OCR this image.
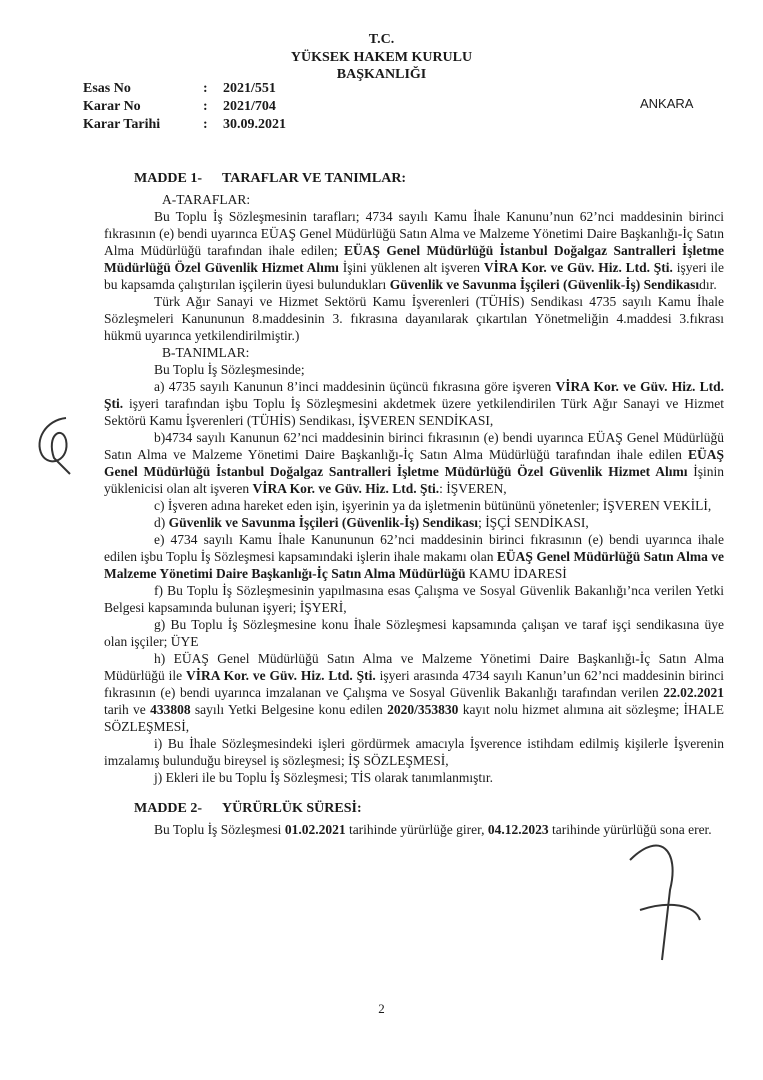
T.C.
YÜKSEK HAKEM KURULU
BAŞKANLIĞI
Esas No	:	2021/551
Karar No	:	2021/704
Karar Tarihi	:	30.09.2021
ANKARA
MADDE 1- TARAFLAR VE TANIMLAR:
A-TARAFLAR:

Bu Toplu İş Sözleşmesinin tarafları; 4734 sayılı Kamu İhale Kanunu’nun 62’nci maddesinin birinci fıkrasının (e) bendi uyarınca EÜAŞ Genel Müdürlüğü Satın Alma ve Malzeme Yönetimi Daire Başkanlığı-İç Satın Alma Müdürlüğü tarafından ihale edilen; EÜAŞ Genel Müdürlüğü İstanbul Doğalgaz Santralleri İşletme Müdürlüğü Özel Güvenlik Hizmet Alımı İşini yüklenen alt işveren VİRA Kor. ve Güv. Hiz. Ltd. Şti. işyeri ile bu kapsamda çalıştırılan işçilerin üyesi bulundukları Güvenlik ve Savunma İşçileri (Güvenlik-İş) Sendikasıdır.

Türk Ağır Sanayi ve Hizmet Sektörü Kamu İşverenleri (TÜHİS) Sendikası 4735 sayılı Kamu İhale Sözleşmeleri Kanununun 8.maddesinin 3. fıkrasına dayanılarak çıkartılan Yönetmeliğin 4.maddesi 3.fıkrası hükmü uyarınca yetkilendirilmiştir.)

B-TANIMLAR:

Bu Toplu İş Sözleşmesinde;

a) 4735 sayılı Kanunun 8’inci maddesinin üçüncü fıkrasına göre işveren VİRA Kor. ve Güv. Hiz. Ltd. Şti. işyeri tarafından işbu Toplu İş Sözleşmesini akdetmek üzere yetkilendirilen Türk Ağır Sanayi ve Hizmet Sektörü Kamu İşverenleri (TÜHİS) Sendikası, İŞVEREN SENDİKASI,

b)4734 sayılı Kanunun 62’nci maddesinin birinci fıkrasının (e) bendi uyarınca EÜAŞ Genel Müdürlüğü Satın Alma ve Malzeme Yönetimi Daire Başkanlığı-İç Satın Alma Müdürlüğü tarafından ihale edilen EÜAŞ Genel Müdürlüğü İstanbul Doğalgaz Santralleri İşletme Müdürlüğü Özel Güvenlik Hizmet Alımı İşinin yüklenicisi olan alt işveren VİRA Kor. ve Güv. Hiz. Ltd. Şti.: İŞVEREN,

c) İşveren adına hareket eden işin, işyerinin ya da işletmenin bütününü yönetenler; İŞVEREN VEKİLİ,

d) Güvenlik ve Savunma İşçileri (Güvenlik-İş) Sendikası; İŞÇİ SENDİKASI,

e) 4734 sayılı Kamu İhale Kanununun 62’nci maddesinin birinci fıkrasının (e) bendi uyarınca ihale edilen işbu Toplu İş Sözleşmesi kapsamındaki işlerin ihale makamı olan EÜAŞ Genel Müdürlüğü Satın Alma ve Malzeme Yönetimi Daire Başkanlığı-İç Satın Alma Müdürlüğü KAMU İDARESİ

f) Bu Toplu İş Sözleşmesinin yapılmasına esas Çalışma ve Sosyal Güvenlik Bakanlığı’nca verilen Yetki Belgesi kapsamında bulunan işyeri; İŞYERİ,

g) Bu Toplu İş Sözleşmesine konu İhale Sözleşmesi kapsamında çalışan ve taraf işçi sendikasına üye olan işçiler; ÜYE

h) EÜAŞ Genel Müdürlüğü Satın Alma ve Malzeme Yönetimi Daire Başkanlığı-İç Satın Alma Müdürlüğü ile VİRA Kor. ve Güv. Hiz. Ltd. Şti. işyeri arasında 4734 sayılı Kanun’un 62’nci maddesinin birinci fıkrasının (e) bendi uyarınca imzalanan ve Çalışma ve Sosyal Güvenlik Bakanlığı tarafından verilen 22.02.2021 tarih ve 433808 sayılı Yetki Belgesine konu edilen 2020/353830 kayıt nolu hizmet alımına ait sözleşme; İHALE SÖZLEŞMESİ,

i) Bu İhale Sözleşmesindeki işleri gördürmek amacıyla İşverence istihdam edilmiş kişilerle İşverenin imzalamış bulunduğu bireysel iş sözleşmesi; İŞ SÖZLEŞMESİ,

j) Ekleri ile bu Toplu İş Sözleşmesi; TİS olarak tanımlanmıştır.

MADDE 2- YÜRÜRLÜK SÜRESİ:

Bu Toplu İş Sözleşmesi 01.02.2021 tarihinde yürürlüğe girer, 04.12.2023 tarihinde yürürlüğü sona erer.

2
